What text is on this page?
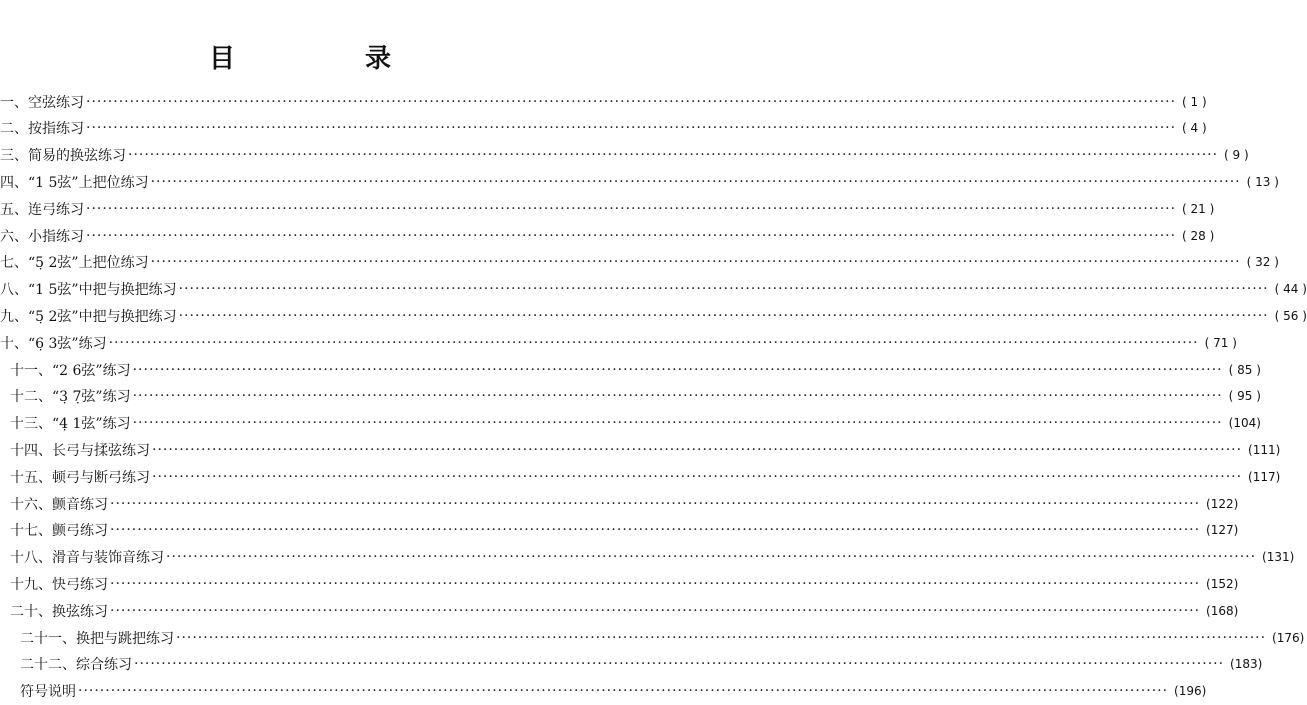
目　录
一、 空弦练习 ········································································································································································································ ( 1 )
二、 按指练习 ········································································································································································································ ( 4 )
三、 简易的换弦练习 ········································································································································································································ ( 9 )
四、 “1 5弦”上把位练习 ········································································································································································································ ( 13 )
五、 连弓练习 ········································································································································································································ ( 21 )
六、 小指练习 ········································································································································································································ ( 28 )
七、 “5̣ 2弦”上把位练习 ········································································································································································································ ( 32 )
八、 “1 5弦”中把与换把练习 ········································································································································································································ ( 44 )
九、 “5̣ 2弦”中把与换把练习 ········································································································································································································ ( 56 )
十、 “6̣ 3弦”练习 ········································································································································································································ ( 71 )
十一、 “2 6弦”练习 ········································································································································································································ ( 85 )
十二、 “3̣ 7̣弦”练习 ········································································································································································································ ( 95 )
十三、 “4̣ 1弦”练习 ········································································································································································································ (104)
十四、 长弓与揉弦练习 ········································································································································································································ (111)
十五、 顿弓与断弓练习 ········································································································································································································ (117)
十六、 颤音练习 ········································································································································································································ (122)
十七、 颤弓练习 ········································································································································································································ (127)
十八、 滑音与装饰音练习 ········································································································································································································ (131)
十九、 快弓练习 ········································································································································································································ (152)
二十、 换弦练习 ········································································································································································································ (168)
二十一、 换把与跳把练习 ········································································································································································································ (176)
二十二、 综合练习 ········································································································································································································ (183)
符号说明 ········································································································································································································ (196)
